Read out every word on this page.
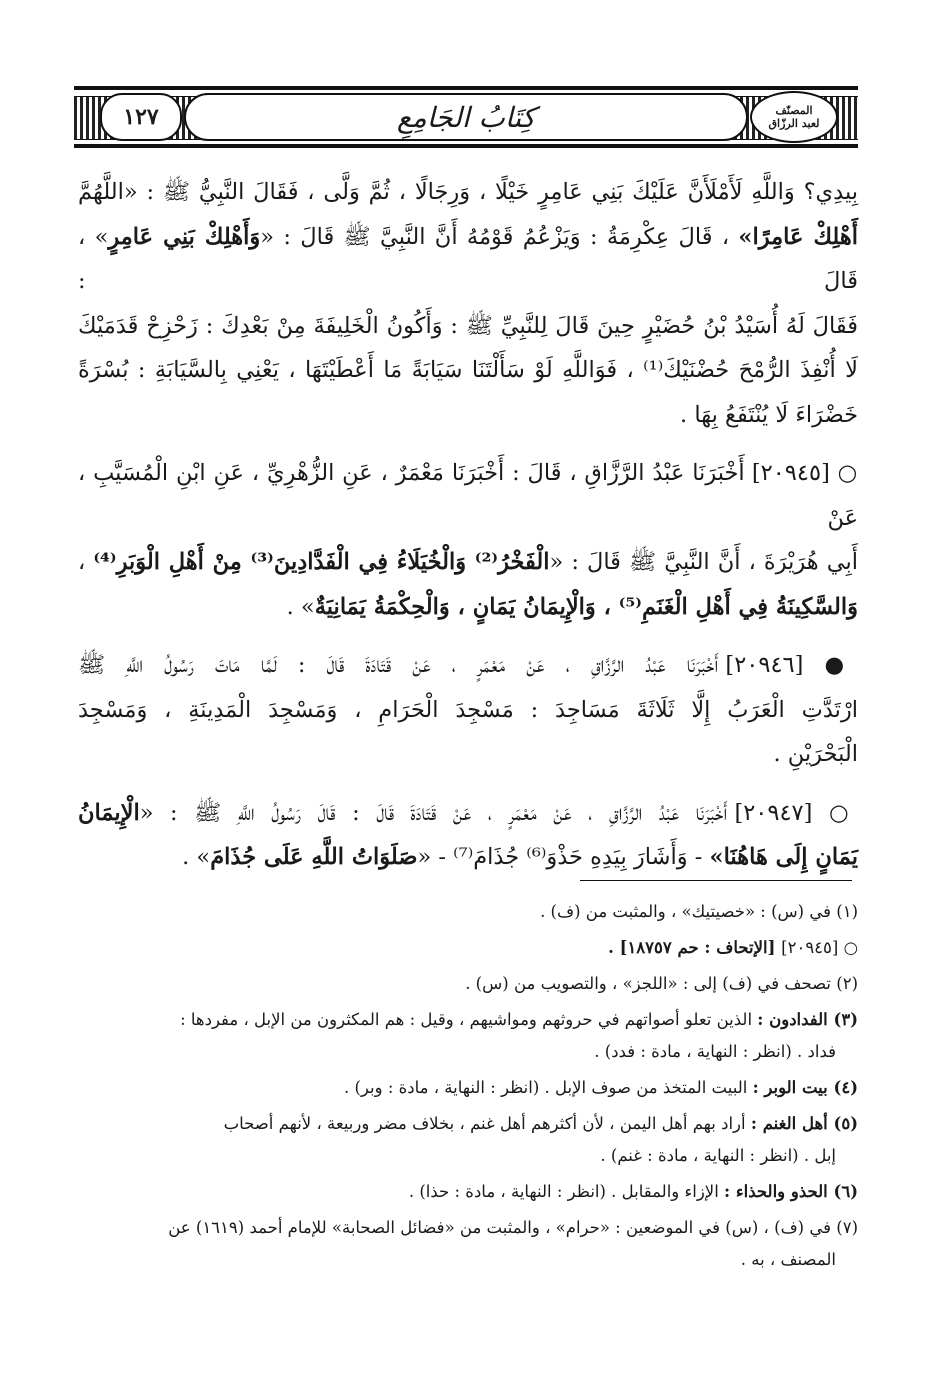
المصنّف
لعبد الرزّاق
كِتَابُ الجَامِعِ
١٢٧

بِيدِي؟ وَاللَّهِ لَأَمْلَأَنَّ عَلَيْكَ بَنِي عَامِرٍ خَيْلًا ، وَرِجَالًا ، ثُمَّ وَلَّى ، فَقَالَ النَّبِيُّ ﷺ : «اللَّهُمَّ
أَهْلِكْ عَامِرًا» ، قَالَ عِكْرِمَةُ : وَيَزْعُمُ قَوْمُهُ أَنَّ النَّبِيَّ ﷺ قَالَ : «وَأَهْلِكْ بَنِي عَامِرٍ» ، قَالَ :
فَقَالَ لَهُ أُسَيْدُ بْنُ حُضَيْرٍ حِينَ قَالَ لِلنَّبِيِّ ﷺ : وَأَكُونُ الْخَلِيفَةَ مِنْ بَعْدِكَ : زَحْزِحْ قَدَمَيْكَ
لَا أُنْفِذَ الرُّمْحَ حُضْنَيْكَ⁽¹⁾ ، فَوَاللَّهِ لَوْ سَأَلْتَنَا سَيَابَةً مَا أَعْطَيْتَهَا ، يَعْنِي بِالسَّيَابَةِ : بُسْرَةً
خَضْرَاءَ لَا يُنْتَفَعُ بِهَا .

○ [٢٠٩٤٥] أَخْبَرَنَا عَبْدُ الرَّزَّاقِ ، قَالَ : أَخْبَرَنَا مَعْمَرٌ ، عَنِ الزُّهْرِيِّ ، عَنِ ابْنِ الْمُسَيَّبِ ، عَنْ
أَبِي هُرَيْرَةَ ، أَنَّ النَّبِيَّ ﷺ قَالَ : «الْفَخْرُ⁽²⁾ وَالْخُيَلَاءُ فِي الْفَدَّادِينَ⁽³⁾ مِنْ أَهْلِ الْوَبَرِ⁽⁴⁾ ،
وَالسَّكِينَةُ فِي أَهْلِ الْغَنَمِ⁽⁵⁾ ، وَالْإِيمَانُ يَمَانٍ ، وَالْحِكْمَةُ يَمَانِيَةٌ» .

● [٢٠٩٤٦] أَخْبَرَنَا عَبْدُ الرَّزَّاقِ ، عَنْ مَعْمَرٍ ، عَنْ قَتَادَةَ قَالَ : لَمَّا مَاتَ رَسُولُ اللَّهِ ﷺ
ارْتَدَّتِ الْعَرَبُ إِلَّا ثَلَاثَةَ مَسَاجِدَ : مَسْجِدَ الْحَرَامِ ، وَمَسْجِدَ الْمَدِينَةِ ، وَمَسْجِدَ
الْبَحْرَيْنِ .

○ [٢٠٩٤٧] أَخْبَرَنَا عَبْدُ الرَّزَّاقِ ، عَنْ مَعْمَرٍ ، عَنْ قَتَادَةَ قَالَ : قَالَ رَسُولُ اللَّهِ ﷺ : «الْإِيمَانُ
يَمَانٍ إِلَى هَاهُنَا» - وَأَشَارَ بِيَدِهِ حَذْوَ⁽⁶⁾ جُذَامَ⁽⁷⁾ - «صَلَوَاتُ اللَّهِ عَلَى جُذَامَ» .

(١) في (س) : «خصيتيك» ، والمثبت من (ف) .

○ [٢٠٩٤٥] [الإتحاف : حم ١٨٧٥٧] .

(٢) تصحف في (ف) إلى : «اللجز» ، والتصويب من (س) .

(٣) الفدادون : الذين تعلو أصواتهم في حروثهم ومواشيهم ، وقيل : هم المكثرون من الإبل ، مفردها :
فداد . (انظر : النهاية ، مادة : فدد) .

(٤) بيت الوبر : البيت المتخذ من صوف الإبل . (انظر : النهاية ، مادة : وبر) .

(٥) أهل الغنم : أراد بهم أهل اليمن ، لأن أكثرهم أهل غنم ، بخلاف مضر وربيعة ، لأنهم أصحاب
إبل . (انظر : النهاية ، مادة : غنم) .

(٦) الحذو والحذاء : الإزاء والمقابل . (انظر : النهاية ، مادة : حذا) .

(٧) في (ف) ، (س) في الموضعين : «حرام» ، والمثبت من «فضائل الصحابة» للإمام أحمد (١٦١٩) عن
المصنف ، به .
